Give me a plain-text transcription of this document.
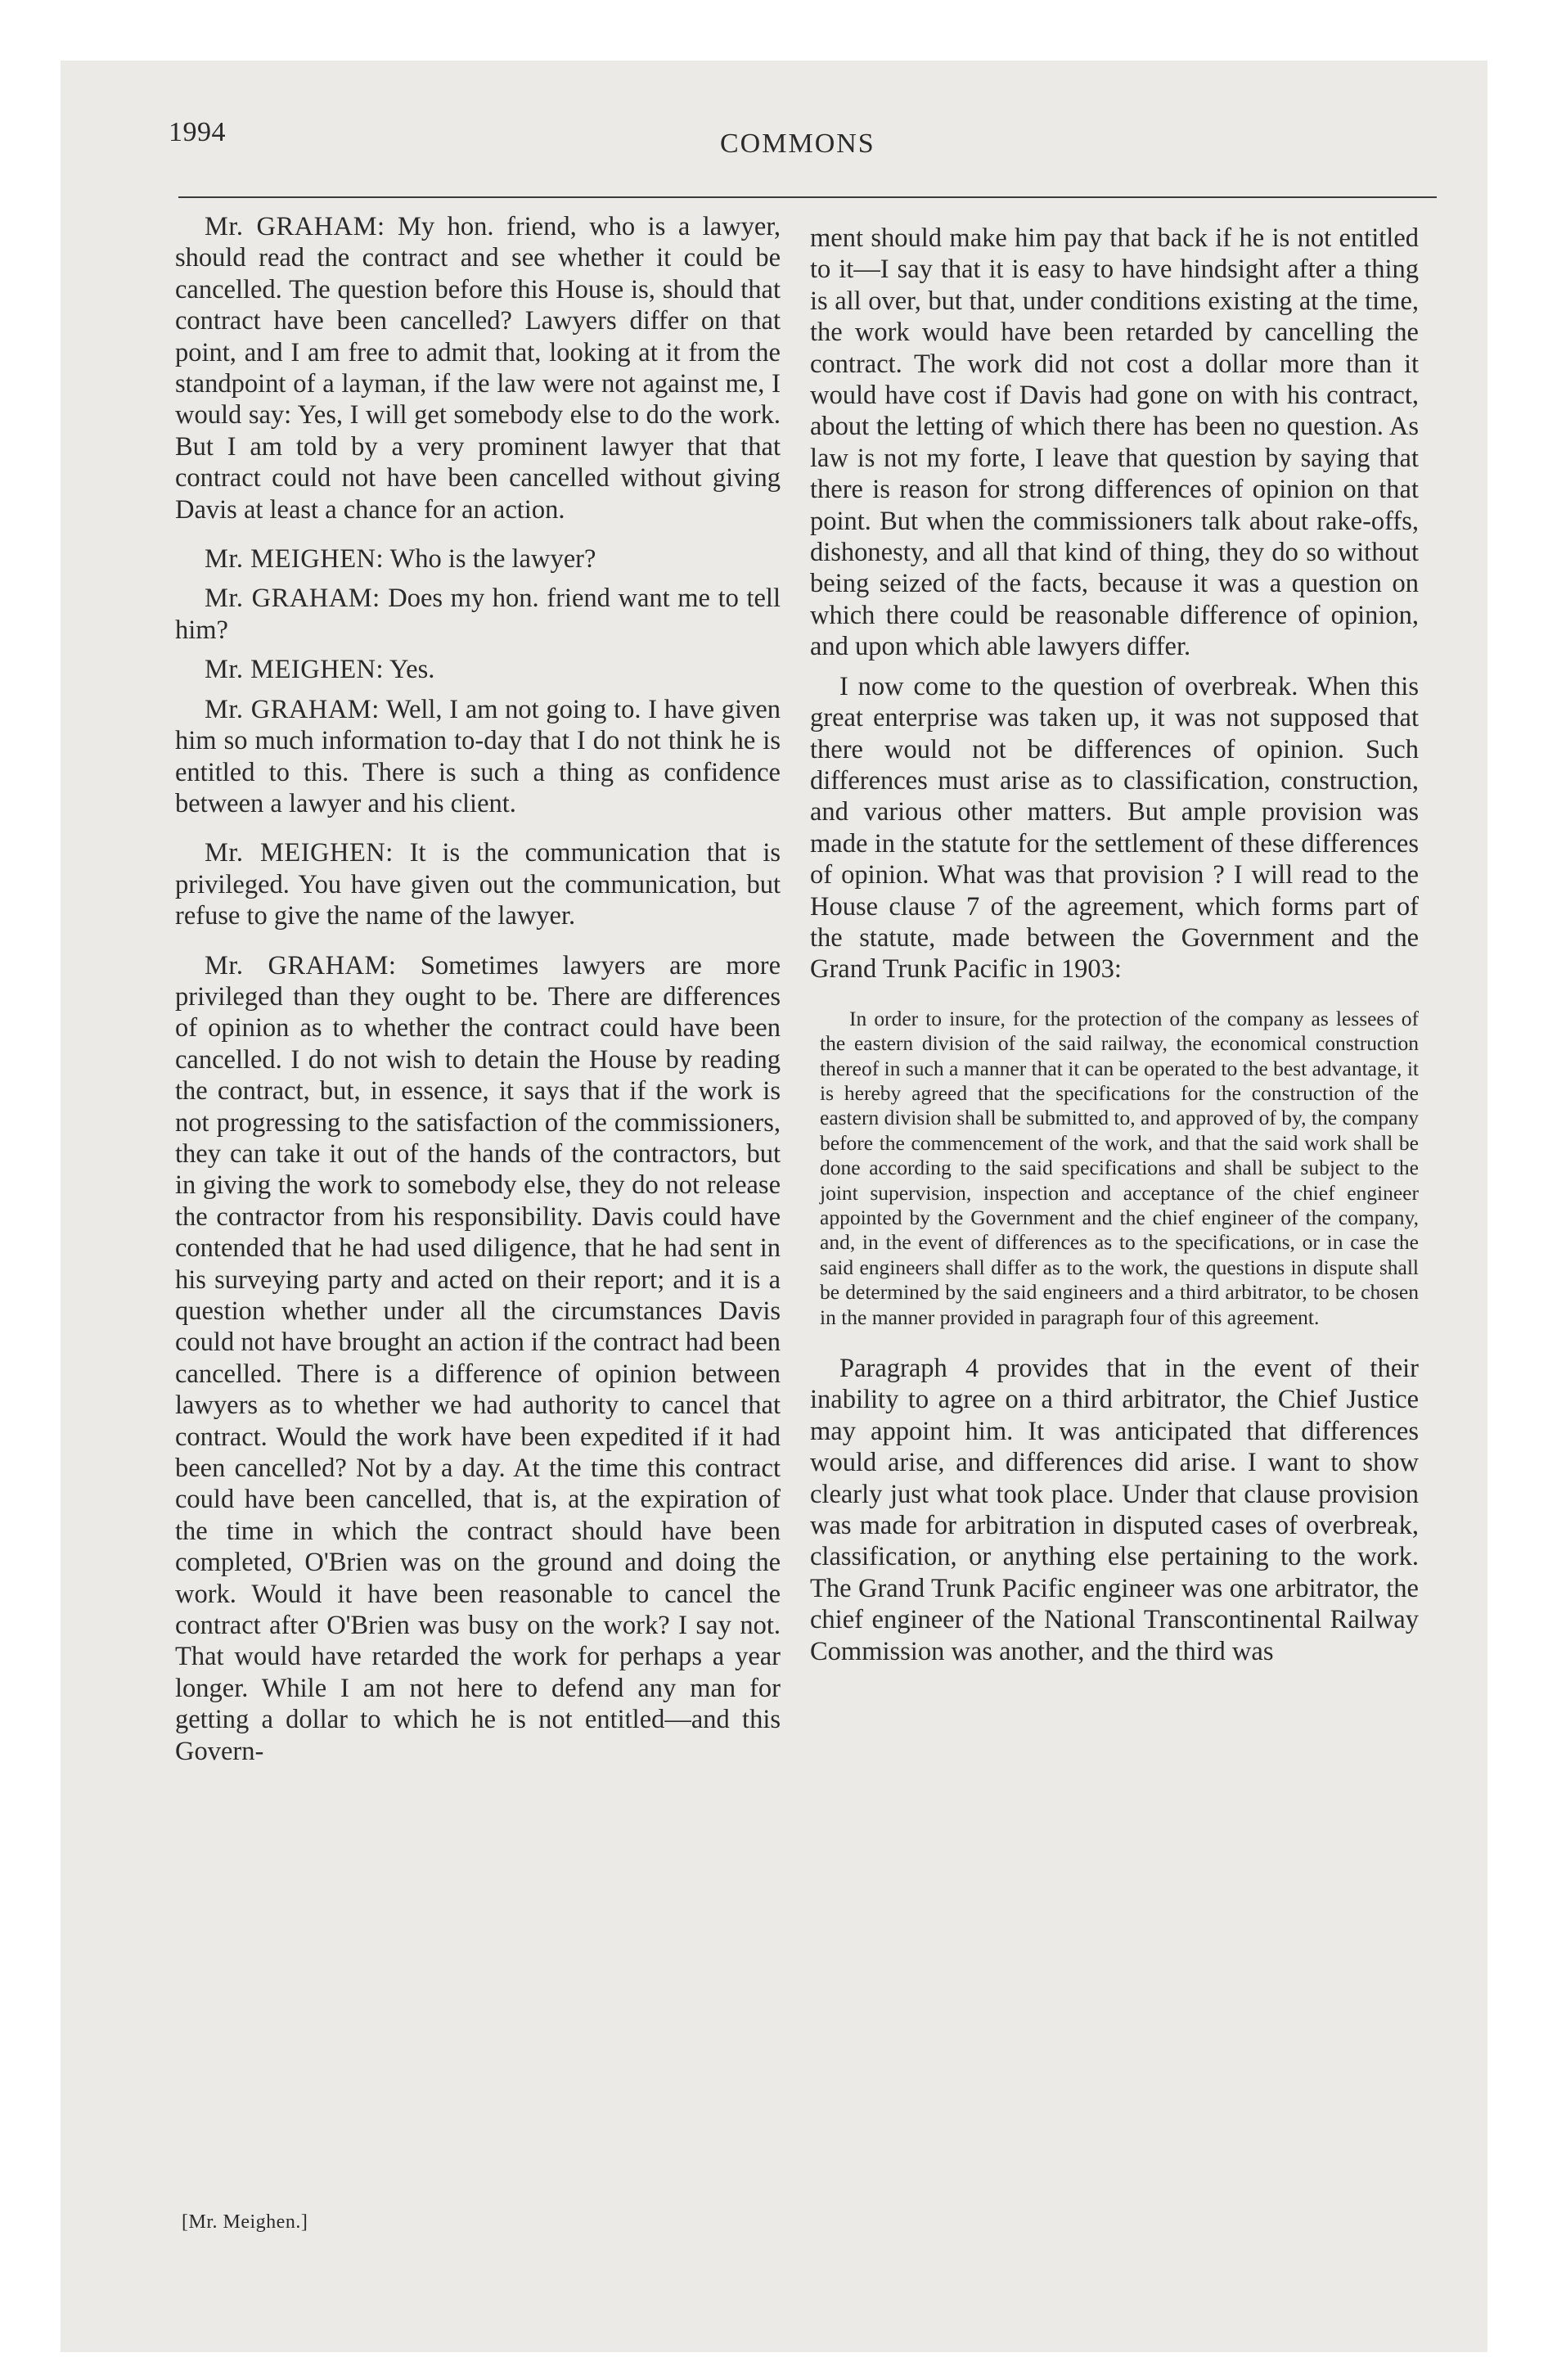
1994	COMMONS

Mr. GRAHAM: My hon. friend, who is a lawyer, should read the contract and see whether it could be cancelled. The question before this House is, should that contract have been cancelled? Lawyers differ on that point, and I am free to admit that, looking at it from the standpoint of a layman, if the law were not against me, I would say: Yes, I will get somebody else to do the work. But I am told by a very prominent lawyer that that contract could not have been cancelled without giving Davis at least a chance for an action.

Mr. MEIGHEN: Who is the lawyer?

Mr. GRAHAM: Does my hon. friend want me to tell him?

Mr. MEIGHEN: Yes.

Mr. GRAHAM: Well, I am not going to. I have given him so much information to-day that I do not think he is entitled to this. There is such a thing as confidence between a lawyer and his client.

Mr. MEIGHEN: It is the communication that is privileged. You have given out the communication, but refuse to give the name of the lawyer.

Mr. GRAHAM: Sometimes lawyers are more privileged than they ought to be. There are differences of opinion as to whether the contract could have been cancelled. I do not wish to detain the House by reading the contract, but, in essence, it says that if the work is not progressing to the satisfaction of the commissioners, they can take it out of the hands of the contractors, but in giving the work to somebody else, they do not release the contractor from his responsibility. Davis could have contended that he had used diligence, that he had sent in his surveying party and acted on their report; and it is a question whether under all the circumstances Davis could not have brought an action if the contract had been cancelled. There is a difference of opinion between lawyers as to whether we had authority to cancel that contract. Would the work have been expedited if it had been cancelled? Not by a day. At the time this contract could have been cancelled, that is, at the expiration of the time in which the contract should have been completed, O'Brien was on the ground and doing the work. Would it have been reasonable to cancel the contract after O'Brien was busy on the work? I say not. That would have retarded the work for perhaps a year longer. While I am not here to defend any man for getting a dollar to which he is not entitled—and this Govern-

ment should make him pay that back if he is not entitled to it—I say that it is easy to have hindsight after a thing is all over, but that, under conditions existing at the time, the work would have been retarded by cancelling the contract. The work did not cost a dollar more than it would have cost if Davis had gone on with his contract, about the letting of which there has been no question. As law is not my forte, I leave that question by saying that there is reason for strong differences of opinion on that point. But when the commissioners talk about rake-offs, dishonesty, and all that kind of thing, they do so without being seized of the facts, because it was a question on which there could be reasonable difference of opinion, and upon which able lawyers differ.

I now come to the question of overbreak. When this great enterprise was taken up, it was not supposed that there would not be differences of opinion. Such differences must arise as to classification, construction, and various other matters. But ample provision was made in the statute for the settlement of these differences of opinion. What was that provision ? I will read to the House clause 7 of the agreement, which forms part of the statute, made between the Government and the Grand Trunk Pacific in 1903:

In order to insure, for the protection of the company as lessees of the eastern division of the said railway, the economical construction thereof in such a manner that it can be operated to the best advantage, it is hereby agreed that the specifications for the construction of the eastern division shall be submitted to, and approved of by, the company before the commencement of the work, and that the said work shall be done according to the said specifications and shall be subject to the joint supervision, inspection and acceptance of the chief engineer appointed by the Government and the chief engineer of the company, and, in the event of differences as to the specifications, or in case the said engineers shall differ as to the work, the questions in dispute shall be determined by the said engineers and a third arbitrator, to be chosen in the manner provided in paragraph four of this agreement.

Paragraph 4 provides that in the event of their inability to agree on a third arbitrator, the Chief Justice may appoint him. It was anticipated that differences would arise, and differences did arise. I want to show clearly just what took place. Under that clause provision was made for arbitration in disputed cases of overbreak, classification, or anything else pertaining to the work. The Grand Trunk Pacific engineer was one arbitrator, the chief engineer of the National Transcontinental Railway Commission was another, and the third was

[Mr. Meighen.]
